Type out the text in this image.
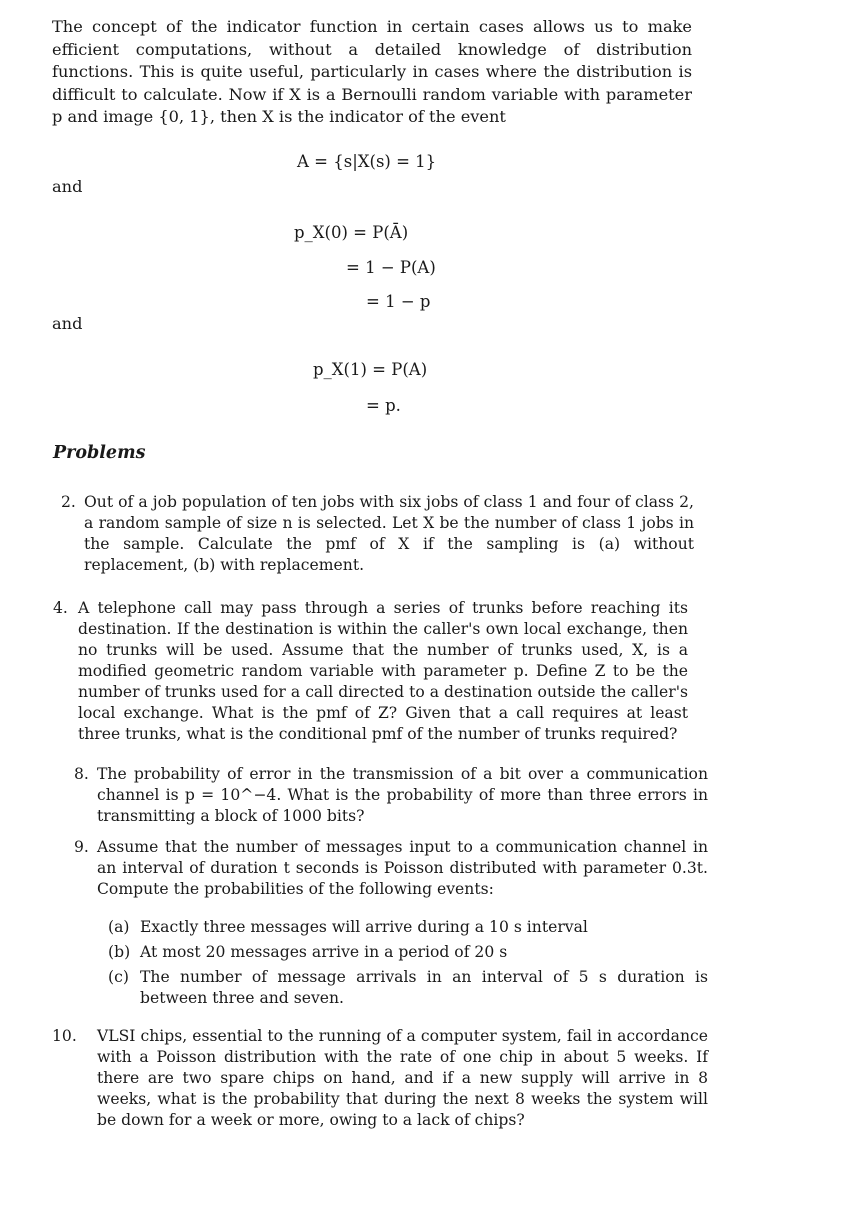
The concept of the indicator function in certain cases allows us to make efficient computations, without a detailed knowledge of distribution functions. This is quite useful, particularly in cases where the distribution is difficult to calculate. Now if X is a Bernoulli random variable with parameter p and image {0, 1}, then X is the indicator of the event
A = {s|X(s) = 1}
and
p_X(0) = P(Ā)
= 1 − P(A)
= 1 − p
and
p_X(1) = P(A)
= p.
Problems
2. Out of a job population of ten jobs with six jobs of class 1 and four of class 2, a random sample of size n is selected. Let X be the number of class 1 jobs in the sample. Calculate the pmf of X if the sampling is (a) without replacement, (b) with replacement.
4. A telephone call may pass through a series of trunks before reaching its destination. If the destination is within the caller's own local exchange, then no trunks will be used. Assume that the number of trunks used, X, is a modified geometric random variable with parameter p. Define Z to be the number of trunks used for a call directed to a destination outside the caller's local exchange. What is the pmf of Z? Given that a call requires at least three trunks, what is the conditional pmf of the number of trunks required?
8. The probability of error in the transmission of a bit over a communication channel is p = 10^−4. What is the probability of more than three errors in transmitting a block of 1000 bits?
9. Assume that the number of messages input to a communication channel in an interval of duration t seconds is Poisson distributed with parameter 0.3t. Compute the probabilities of the following events:
(a) Exactly three messages will arrive during a 10 s interval
(b) At most 20 messages arrive in a period of 20 s
(c) The number of message arrivals in an interval of 5 s duration is between three and seven.
10. VLSI chips, essential to the running of a computer system, fail in accordance with a Poisson distribution with the rate of one chip in about 5 weeks. If there are two spare chips on hand, and if a new supply will arrive in 8 weeks, what is the probability that during the next 8 weeks the system will be down for a week or more, owing to a lack of chips?
